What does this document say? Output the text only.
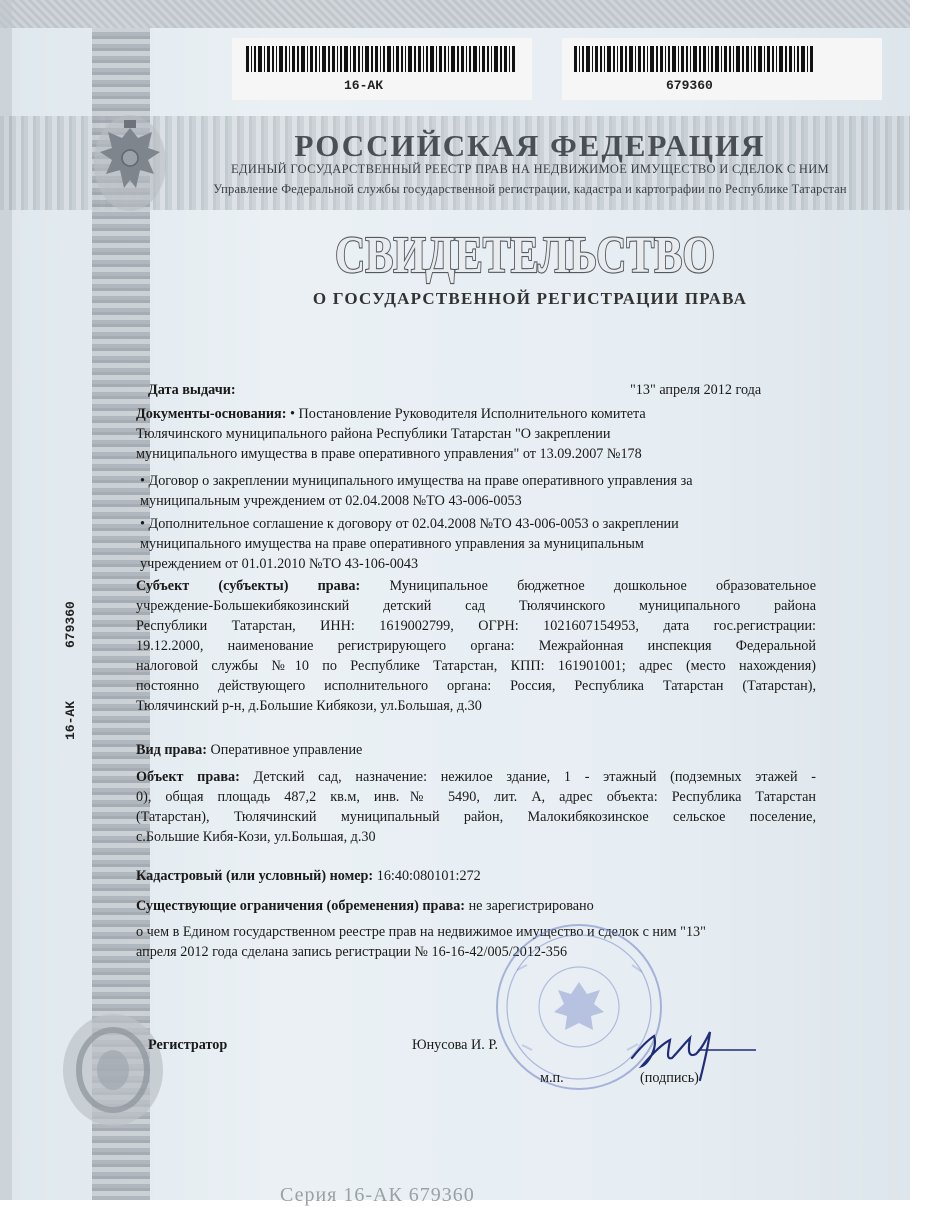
16-АК	679360
РОССИЙСКАЯ ФЕДЕРАЦИЯ
ЕДИНЫЙ ГОСУДАРСТВЕННЫЙ РЕЕСТР ПРАВ НА НЕДВИЖИМОЕ ИМУЩЕСТВО И СДЕЛОК С НИМ
Управление Федеральной службы государственной регистрации, кадастра и картографии по Республике Татарстан
СВИДЕТЕЛЬСТВО
О ГОСУДАРСТВЕННОЙ РЕГИСТРАЦИИ ПРАВА
16-АК
679360
Дата выдачи:	"13" апреля 2012 года
Документы-основания: • Постановление Руководителя Исполнительного комитета
Тюлячинского муниципального района Республики Татарстан "О закреплении
муниципального имущества в праве оперативного управления" от 13.09.2007 №178
• Договор о закреплении муниципального имущества на праве оперативного управления за
муниципальным учреждением от 02.04.2008 №ТО 43-006-0053
• Дополнительное соглашение к договору от 02.04.2008 №ТО 43-006-0053 о закреплении
муниципального имущества на праве оперативного управления за муниципальным
учреждением от 01.01.2010 №ТО 43-106-0043
Субъект (субъекты) права: Муниципальное бюджетное дошкольное образовательное
учреждение-Большекибякозинский детский сад Тюлячинского муниципального района
Республики Татарстан, ИНН: 1619002799, ОГРН: 1021607154953, дата гос.регистрации:
19.12.2000, наименование регистрирующего органа: Межрайонная инспекция Федеральной
налоговой службы №10 по Республике Татарстан, КПП: 161901001; адрес (место нахождения)
постоянно действующего исполнительного органа: Россия, Республика Татарстан (Татарстан),
Тюлячинский р-н, д.Большие Кибякози, ул.Большая, д.30
Вид права: Оперативное управление
Объект права: Детский сад, назначение: нежилое здание, 1 - этажный (подземных этажей -
0), общая площадь 487,2 кв.м, инв.№ 5490, лит. А, адрес объекта: Республика Татарстан
(Татарстан), Тюлячинский муниципальный район, Малокибякозинское сельское поселение,
с.Большие Кибя-Кози, ул.Большая, д.30
Кадастровый (или условный) номер: 16:40:080101:272
Существующие ограничения (обременения) права: не зарегистрировано
о чем в Едином государственном реестре прав на недвижимое имущество и сделок с ним "13"
апреля 2012 года сделана запись регистрации № 16-16-42/005/2012-356
Регистратор	Юнусова И. Р.
м.п.	(подпись)
Серия 16-АК 679360
